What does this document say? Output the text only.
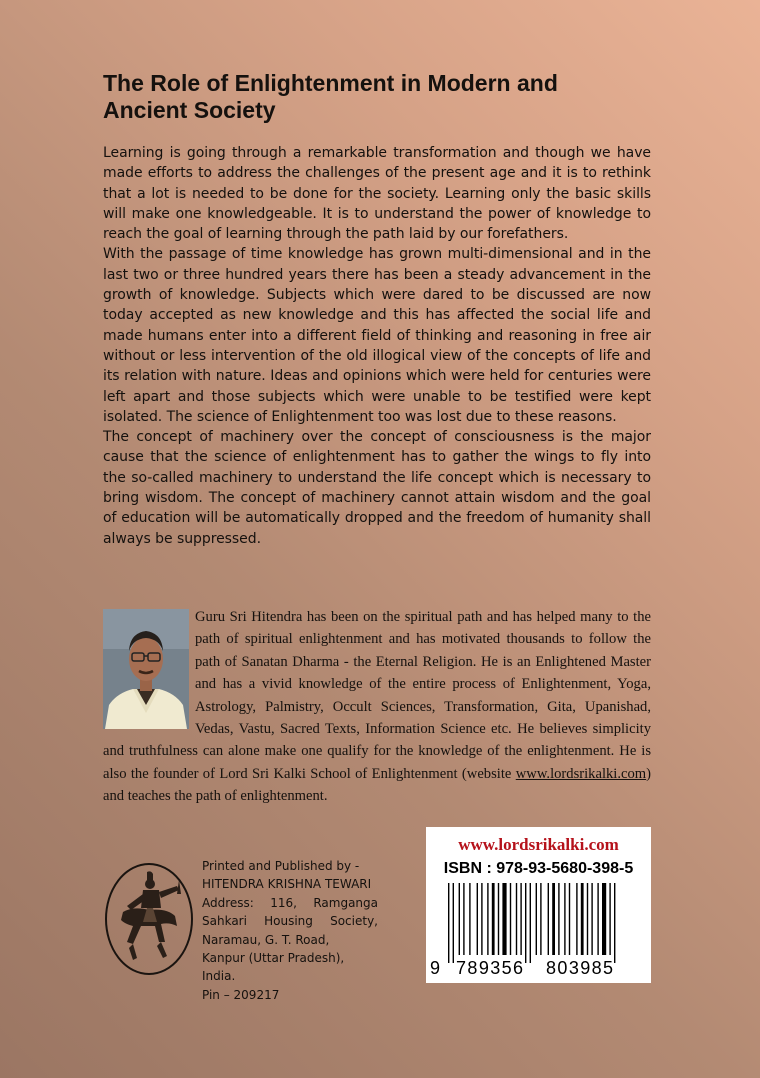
The Role of Enlightenment in Modern and
Ancient Society

Learning is going through a remarkable transformation and though we have made efforts to address the challenges of the present age and it is to rethink that a lot is needed to be done for the society. Learning only the basic skills will make one knowledgeable. It is to understand the power of knowledge to reach the goal of learning through the path laid by our forefathers.

With the passage of time knowledge has grown multi-dimensional and in the last two or three hundred years there has been a steady advancement in the growth of knowledge. Subjects which were dared to be discussed are now today accepted as new knowledge and this has affected the social life and made humans enter into a different field of thinking and reasoning in free air without or less intervention of the old illogical view of the concepts of life and its relation with nature. Ideas and opinions which were held for centuries were left apart and those subjects which were unable to be testified were kept isolated. The science of Enlightenment too was lost due to these reasons.

The concept of machinery over the concept of consciousness is the major cause that the science of enlightenment has to gather the wings to fly into the so-called machinery to understand the life concept which is necessary to bring wisdom. The concept of machinery cannot attain wisdom and the goal of education will be automatically dropped and the freedom of humanity shall always be suppressed.

Guru Sri Hitendra has been on the spiritual path and has helped many to the path of spiritual enlightenment and has motivated thousands to follow the path of Sanatan Dharma - the Eternal Religion. He is an Enlightened Master and has a vivid knowledge of the entire process of Enlightenment, Yoga, Astrology, Palmistry, Occult Sciences, Transformation, Gita, Upanishad, Vedas, Vastu, Sacred Texts, Information Science etc. He believes simplicity and truthfulness can alone make one qualify for the knowledge of the enlightenment. He is also the founder of Lord Sri Kalki School of Enlightenment (website www.lordsrikalki.com) and teaches the path of enlightenment.
Printed and Published by -
HITENDRA KRISHNA TEWARI
Address: 116, Ramganga
Sahkari Housing Society,
Naramau, G. T. Road,
Kanpur (Uttar Pradesh), India.
Pin – 209217
www.lordsrikalki.com
ISBN : 978-93-5680-398-5
9 789356 803985
